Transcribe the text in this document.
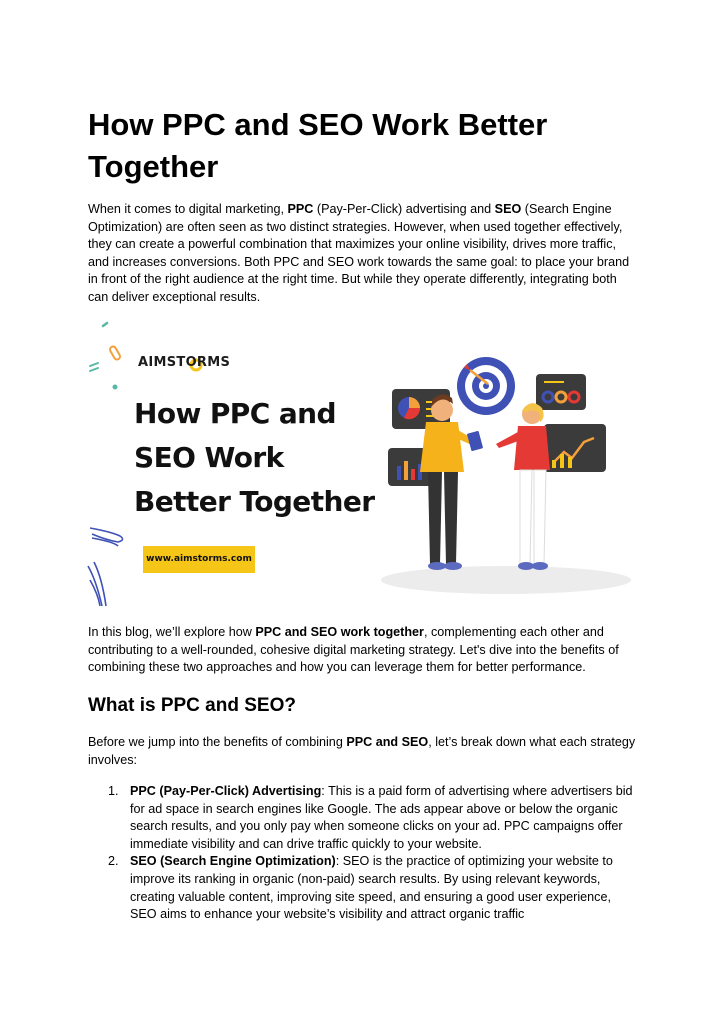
How PPC and SEO Work Better Together

When it comes to digital marketing, PPC (Pay-Per-Click) advertising and SEO (Search Engine Optimization) are often seen as two distinct strategies. However, when used together effectively, they can create a powerful combination that maximizes your online visibility, drives more traffic, and increases conversions. Both PPC and SEO work towards the same goal: to place your brand in front of the right audience at the right time. But while they operate differently, integrating both can deliver exceptional results.

AIMSTORMS
How PPC and
SEO Work
Better Together
www.aimstorms.com

In this blog, we’ll explore how PPC and SEO work together, complementing each other and contributing to a well-rounded, cohesive digital marketing strategy. Let's dive into the benefits of combining these two approaches and how you can leverage them for better performance.

What is PPC and SEO?

Before we jump into the benefits of combining PPC and SEO, let’s break down what each strategy involves:

1. PPC (Pay-Per-Click) Advertising: This is a paid form of advertising where advertisers bid for ad space in search engines like Google. The ads appear above or below the organic search results, and you only pay when someone clicks on your ad. PPC campaigns offer immediate visibility and can drive traffic quickly to your website.
2. SEO (Search Engine Optimization): SEO is the practice of optimizing your website to improve its ranking in organic (non-paid) search results. By using relevant keywords, creating valuable content, improving site speed, and ensuring a good user experience, SEO aims to enhance your website’s visibility and attract organic traffic
